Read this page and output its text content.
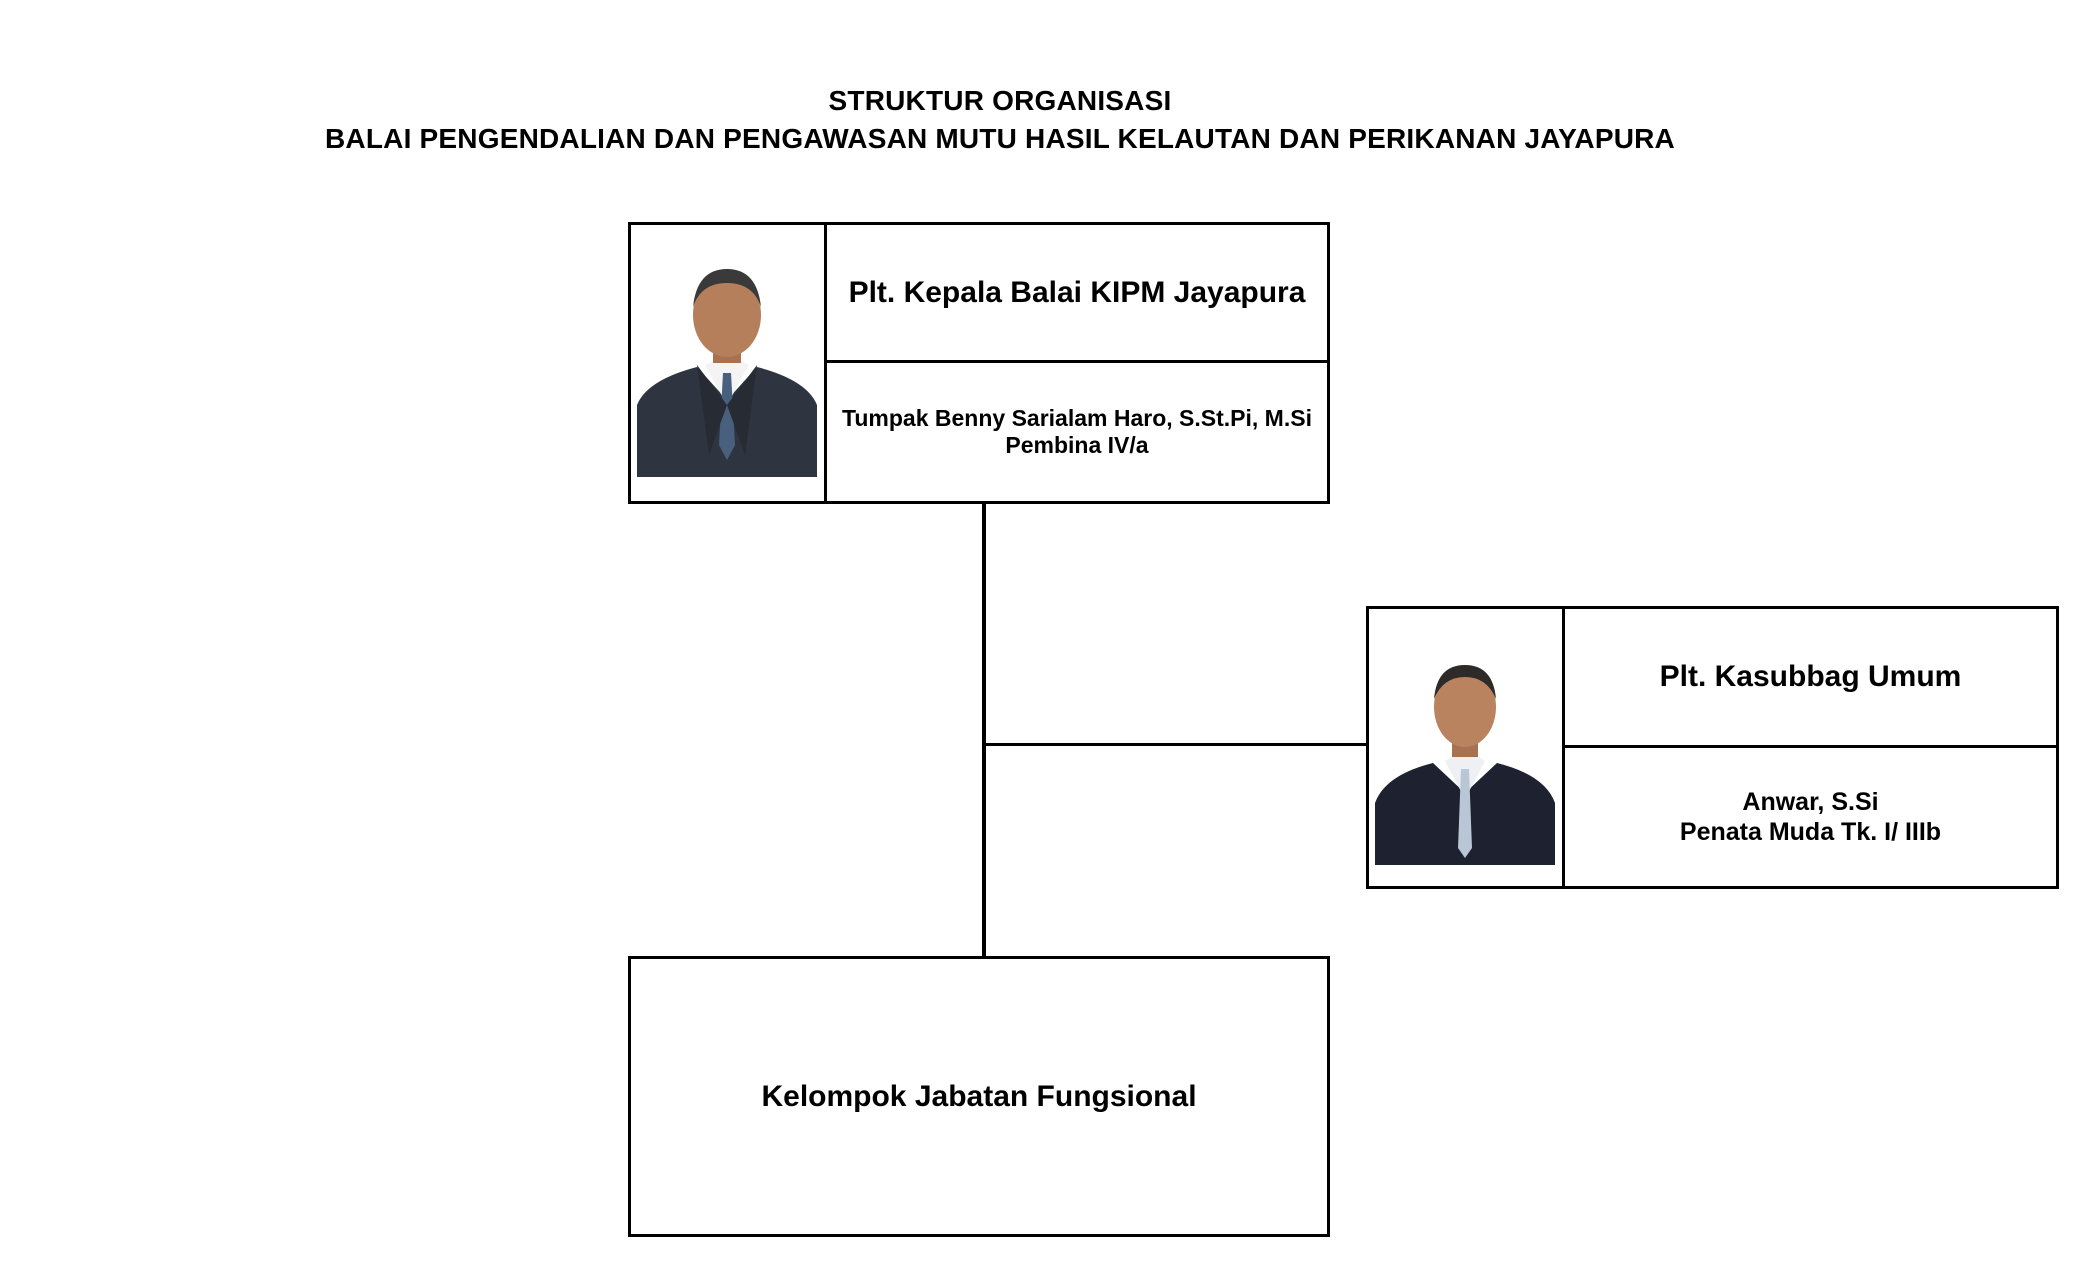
STRUKTUR ORGANISASI
BALAI PENGENDALIAN DAN PENGAWASAN MUTU HASIL KELAUTAN DAN PERIKANAN JAYAPURA
Plt. Kepala Balai KIPM Jayapura
Tumpak Benny Sarialam Haro, S.St.Pi, M.Si
Pembina IV/a
Plt. Kasubbag Umum
Anwar, S.Si
Penata Muda Tk. I/ IIIb
Kelompok Jabatan Fungsional
